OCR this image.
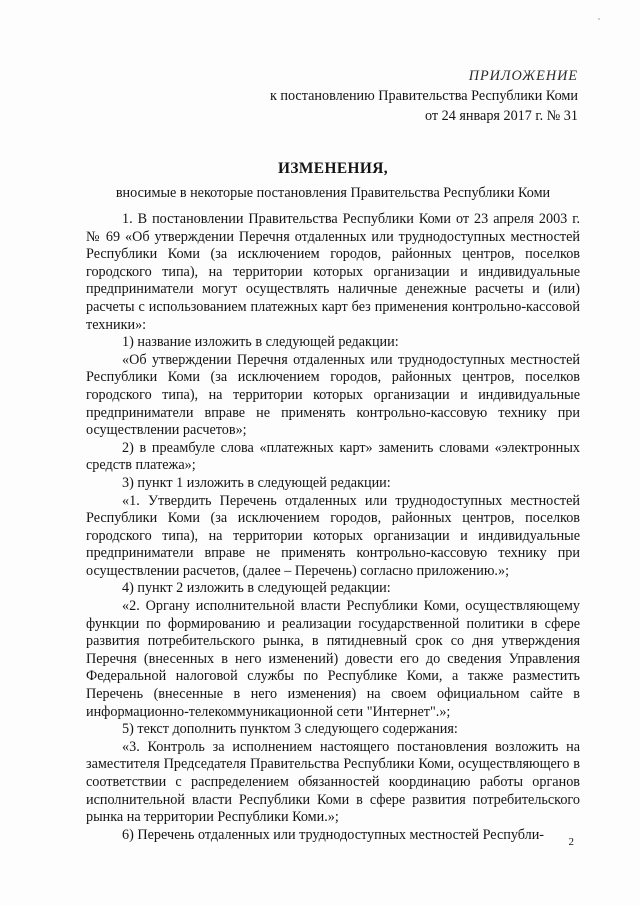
ПРИЛОЖЕНИЕ
к постановлению Правительства Республики Коми
от 24 января 2017 г. № 31
ИЗМЕНЕНИЯ,
вносимые в некоторые постановления Правительства Республики Коми

1. В постановлении Правительства Республики Коми от 23 апреля 2003 г. № 69 «Об утверждении Перечня отдаленных или труднодоступных местностей Республики Коми (за исключением городов, районных центров, поселков городского типа), на территории которых организации и индивидуальные предприниматели могут осуществлять наличные денежные расчеты и (или) расчеты с использованием платежных карт без применения контрольно-кассовой техники»:

1) название изложить в следующей редакции:

«Об утверждении Перечня отдаленных или труднодоступных местностей Республики Коми (за исключением городов, районных центров, поселков городского типа), на территории которых организации и индивидуальные предприниматели вправе не применять контрольно-кассовую технику при осуществлении расчетов»;

2) в преамбуле слова «платежных карт» заменить словами «электронных средств платежа»;

3) пункт 1 изложить в следующей редакции:

«1. Утвердить Перечень отдаленных или труднодоступных местностей Республики Коми (за исключением городов, районных центров, поселков городского типа), на территории которых организации и индивидуальные предприниматели вправе не применять контрольно-кассовую технику при осуществлении расчетов, (далее – Перечень) согласно приложению.»;

4) пункт 2 изложить в следующей редакции:

«2. Органу исполнительной власти Республики Коми, осуществляющему функции по формированию и реализации государственной политики в сфере развития потребительского рынка, в пятидневный срок со дня утверждения Перечня (внесенных в него изменений) довести его до сведения Управления Федеральной налоговой службы по Республике Коми, а также разместить Перечень (внесенные в него изменения) на своем официальном сайте в информационно-телекоммуникационной сети "Интернет".»;

5) текст дополнить пунктом 3 следующего содержания:

«3. Контроль за исполнением настоящего постановления возложить на заместителя Председателя Правительства Республики Коми, осуществляющего в соответствии с распределением обязанностей координацию работы органов исполнительной власти Республики Коми в сфере развития потребительского рынка на территории Республики Коми.»;

6) Перечень отдаленных или труднодоступных местностей Республи-	2
